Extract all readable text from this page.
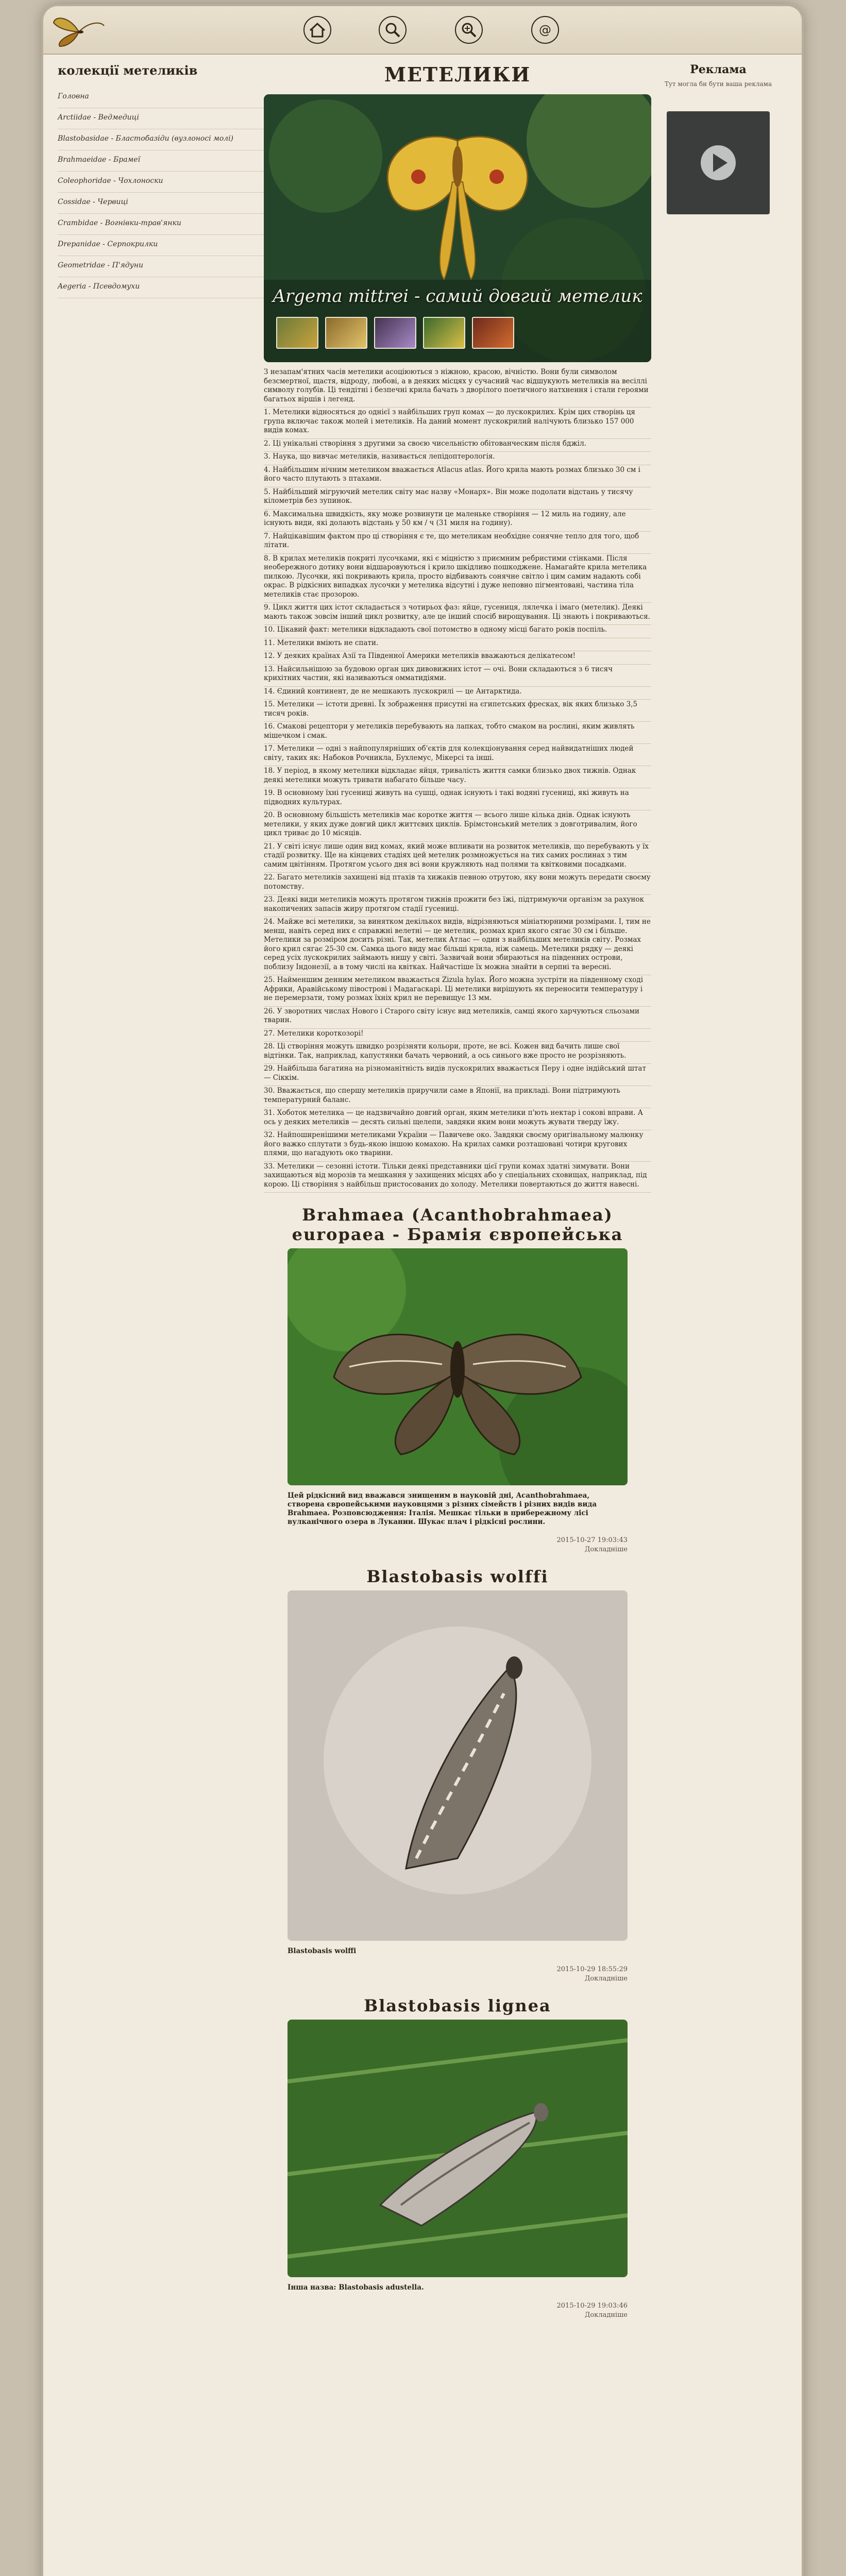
@
колекції метеликів
Головна
Arctiidae - Ведмедиці
Blastobasidae - Бластобазіди (вузлоносі молі)
Brahmaeidae - Брамеї
Coleophoridae - Чохлоноски
Cossidae - Червиці
Crambidae - Вогнівки-трав'янки
Drepanidae - Серпокрилки
Geometridae - П'ядуни
Aegeria - Псевдомухи
МЕТЕЛИКИ
Argema mittrei - самий довгий метелик

З незапам'ятних часів метелики асоціюються з ніжною, красою, вічністю. Вони були символом безсмертної, щастя, відроду, любові, а в деяких місцях у сучасний час відшукують метеликів на весіллі символу голубів. Ці тендітні і безпечні крила бачать з дворілого поетичного натхнення і стали героями багатьох віршів і легенд.

1. Метелики відносяться до однієї з найбільших груп комах — до лускокрилих. Крім цих створінь ця група включає також молей і метеликів. На даний момент лускокрилий налічують близько 157 000 видів комах.

2. Ці унікальні створіння з другими за своєю чисельністю обітованческим після бджіл.

3. Наука, що вивчає метеликів, називається лепідоптерологія.

4. Найбільшим нічним метеликом вважається Atlacus atlas. Його крила мають розмах близько 30 см і його часто плутають з птахами.

5. Найбільший мігруючий метелик світу має назву «Монарх». Він може подолати відстань у тисячу кілометрів без зупинок.

6. Максимальна швидкість, яку може розвинути це маленьке створіння — 12 миль на годину, але існують види, які долають відстань у 50 км / ч (31 миля на годину).

7. Найцікавішим фактом про ці створіння є те, що метеликам необхідне сонячне тепло для того, щоб літати.

8. В крилах метеликів покриті лусочками, які є міцністю з приємним ребристими стінками. Після необережного дотику вони відшаровуються і крило шкідливо пошкоджене. Намагайте крила метелика пилкою. Лусочки, які покривають крила, просто відбивають сонячне світло і цим самим надають собі окрас. В рідкісних випадках лусочки у метелика відсутні і дуже неповно пігментовані, частина тіла метеликів стає прозорою.

9. Цикл життя цих істот складається з чотирьох фаз: яйце, гусениця, лялечка і імаго (метелик). Деякі мають також зовсім інший цикл розвитку, але це інший спосіб вирощування. Ці знають і покриваються.

10. Цікавий факт: метелики відкладають свої потомство в одному місці багато років поспіль.

11. Метелики вміють не спати.

12. У деяких країнах Азії та Південної Америки метеликів вважаються делікатесом!

13. Найсильнішою за будовою орган цих дивовижних істот — очі. Вони складаються з 6 тисяч крихітних частин, які називаються омматидіями.

14. Єдиний континент, де не мешкають лускокрилі — це Антарктида.

15. Метелики — істоти древні. Їх зображення присутні на єгипетських фресках, вік яких близько 3,5 тисяч років.

16. Смакові рецептори у метеликів перебувають на лапках, тобто смаком на рослині, яким живлять мішечком і смак.

17. Метелики — одні з найпопулярніших об'єктів для колекціонування серед найвидатніших людей світу, таких як: Набоков Рочникла, Бухлемус, Мікерсі та інші.

18. У період, в якому метелики відкладає яйця, тривалість життя самки близько двох тижнів. Однак деякі метелики можуть тривати набагато більше часу.

19. В основному їхні гусениці живуть на сушці, однак існують і такі водяні гусениці, які живуть на підводних культурах.

20. В основному більшість метеликів має коротке життя — всього лише кілька днів. Однак існують метелики, у яких дуже довгий цикл життєвих циклів. Брімстонський метелик з довготривалим, його цикл триває до 10 місяців.

21. У світі існує лише один вид комах, який може впливати на розвиток метеликів, що перебувають у їх стадії розвитку. Ще на кінцевих стадіях цей метелик розмножується на тих самих рослинах з тим самим цвітінням. Протягом усього дня всі вони кружляють над полями та квітковими посадками.

22. Багато метеликів захищені від птахів та хижаків певною отрутою, яку вони можуть передати своєму потомству.

23. Деякі види метеликів можуть протягом тижнів прожити без їжі, підтримуючи організм за рахунок накопичених запасів жиру протягом стадії гусениці.

24. Майже всі метелики, за винятком декількох видів, відрізняються мініатюрними розмірами. І, тим не менш, навіть серед них є справжні велетні — це метелик, розмах крил якого сягає 30 см і більше. Метелики за розміром досить різні. Так, метелик Атлас — один з найбільших метеликів світу. Розмах його крил сягає 25-30 см. Самка цього виду має більші крила, ніж самець. Метелики рядку — деякі серед усіх лускокрилих займають нишу у світі. Зазвичай вони збираються на південних острови, поблизу Індонезії, а в тому числі на квітках. Найчастіше їх можна знайти в серпні та вересні.

25. Найменшим денним метеликом вважається Zizula hylax. Його можна зустріти на південному сході Африки, Аравійському півострові і Мадагаскарі. Ці метелики вирішують як переносити температуру і не перемерзати, тому розмах їхніх крил не перевищує 13 мм.

26. У зворотних числах Нового і Старого світу існує вид метеликів, самці якого харчуються сльозами тварин.

27. Метелики короткозорі!

28. Ці створіння можуть швидко розрізняти кольори, проте, не всі. Кожен вид бачить лише свої відтінки. Так, наприклад, капустянки бачать червоний, а ось синього вже просто не розрізняють.

29. Найбільша багатина на різноманітність видів лускокрилих вважається Перу і одне індійський штат — Сіккім.

30. Вважається, що спершу метеликів приручили саме в Японії, на прикладі. Вони підтримують температурний баланс.

31. Хоботок метелика — це надзвичайно довгий орган, яким метелики п'ють нектар і сокові вправи. А ось у деяких метеликів — десять сильні щелепи, завдяки яким вони можуть жувати тверду їжу.

32. Найпоширенішими метеликами України — Павичеве око. Завдяки своєму оригінальному малюнку його важко сплутати з будь-якою іншою комахою. На крилах самки розташовані чотири кругових плями, що нагадують око тварини.

33. Метелики — сезонні істоти. Тільки деякі представники цієї групи комах здатні зимувати. Вони захищаються від морозів та мешкання у захищених місцях або у спеціальних сховищах, наприклад, під корою. Ці створіння з найбільш пристосованих до холоду. Метелики повертаються до життя навесні.

Brahmaea (Acanthobrahmaea) europaea - Брамія європейська
Цей рідкісний вид вважався знищеним в науковій дні, Acanthobrahmaea, створена європейськими науковцями з різних сімейств і різних видів вида Brahmaea. Розповсюдження: Італія. Мешкає тільки в прибережному лісі вулканічного озера в Лукании. Шукає плач і рідкісні рослини.
2015-10-27 19:03:43
Докладніше
Blastobasis wolffi
Blastobasis wolffi
2015-10-29 18:55:29
Докладніше
Blastobasis lignea
Інша назва: Blastobasis adustella.
2015-10-29 19:03:46
Докладніше
Реклама
Тут могла би бути ваша реклама
